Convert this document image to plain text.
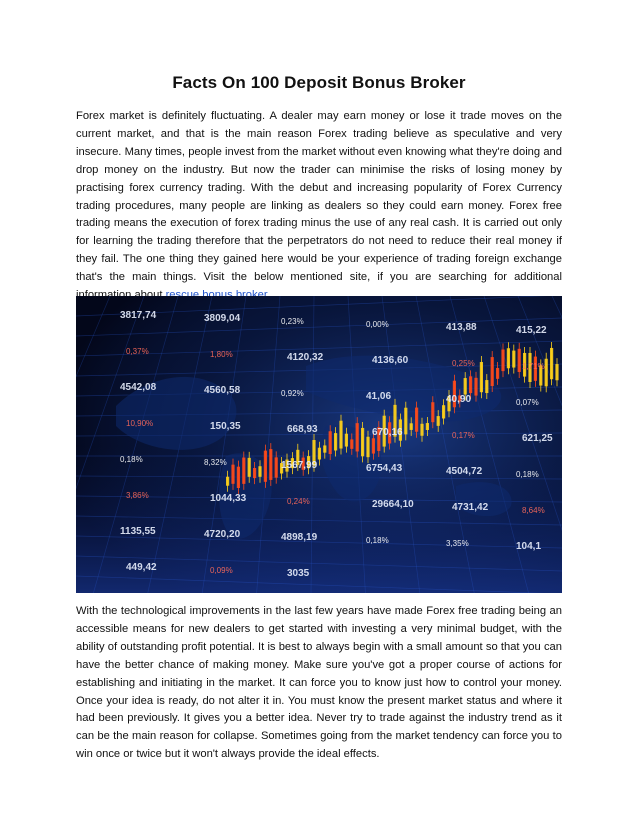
Facts On 100 Deposit Bonus Broker

Forex market is definitely fluctuating. A dealer may earn money or lose it trade moves on the current market, and that is the main reason Forex trading believe as speculative and very insecure. Many times, people invest from the market without even knowing what they're doing and drop money on the industry. But now the trader can minimise the risks of losing money by practising forex currency trading. With the debut and increasing popularity of Forex Currency trading procedures, many people are linking as dealers so they could earn money. Forex free trading means the execution of forex trading minus the use of any real cash. It is carried out only for learning the trading therefore that the perpetrators do not need to reduce their real money if they fail. The one thing they gained here would be your experience of trading foreign exchange that's the main things. Visit the below mentioned site, if you are searching for additional

3817,74	3809,04	0,23%	0,00%	413,88	415,22
0,37%	1,80%	4120,32	4136,60	0,25%	1,71%
4542,08	4560,58	0,92%	41,06	40,90	0,07%
10,90%	150,35	668,93	670,16	0,17%	621,25
0,18%	8,32%	1567,99	6754,43	4504,72	0,18%
3,86%	1044,33	0,24%	29664,10	4731,42	8,64%
1135,55	4720,20	4898,19	0,18%	3,35%	104,1
449,42	0,09%	3035

With the technological improvements in the last few years have made Forex free trading being an accessible means for new dealers to get started with investing a very minimal budget, with the ability of outstanding profit potential. It is best to always begin with a small amount so that you can have the better chance of making money. Make sure you've got a proper course of actions for establishing and initiating in the market. It can force you to know just how to control your money. Once your idea is ready, do not alter it in. You must know the present market status and where it had been previously. It gives you a better idea. Never try to trade against the industry trend as it can be the main reason for collapse. Sometimes going from the market tendency can force you to win once or twice but it won't always provide the ideal effects.
